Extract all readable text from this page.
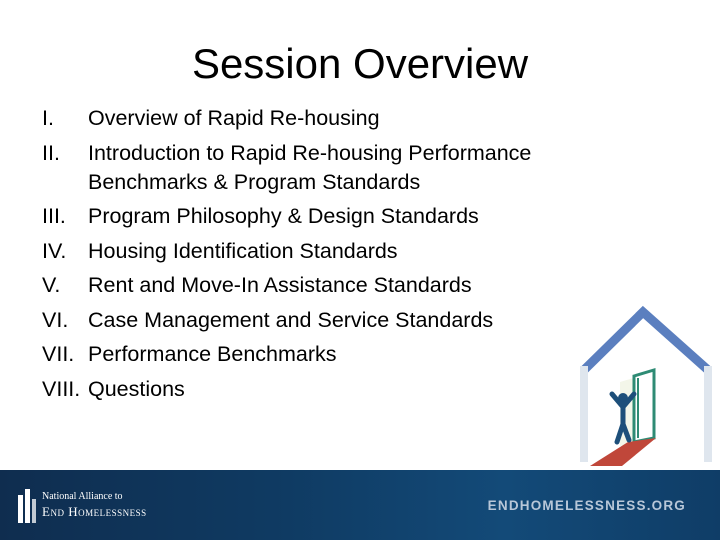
Session Overview
I.	Overview of Rapid Re-housing
II.	Introduction to Rapid Re-housing Performance Benchmarks & Program Standards
III.	Program Philosophy & Design Standards
IV.	Housing Identification Standards
V.	Rent and Move-In Assistance Standards
VI. Case Management and Service Standards
VII. Performance Benchmarks
VIII. Questions
National Alliance to
End Homelessness	ENDHOMELESSNESS.ORG
